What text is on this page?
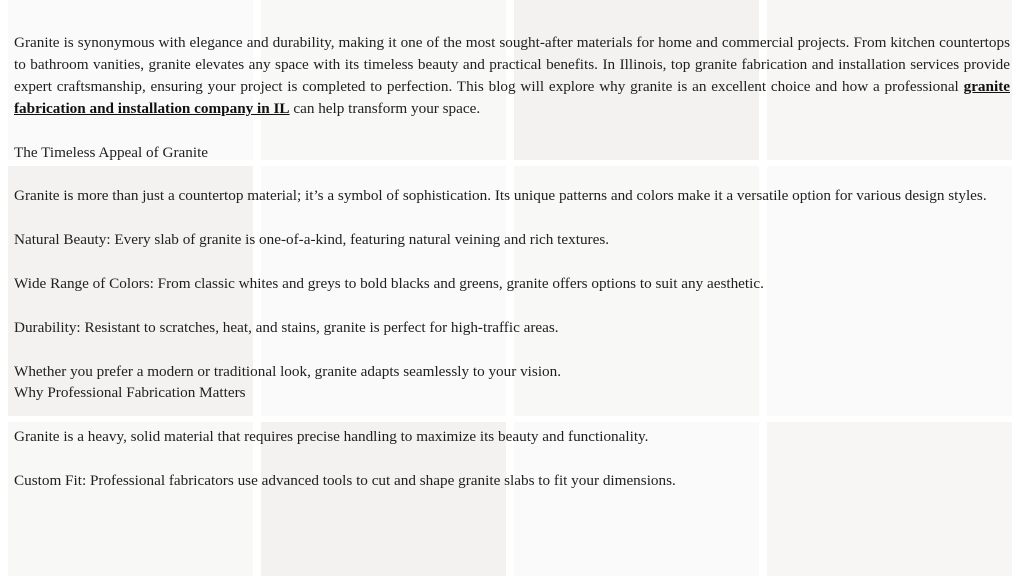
Granite is synonymous with elegance and durability, making it one of the most sought-after materials for home and commercial projects. From kitchen countertops to bathroom vanities, granite elevates any space with its timeless beauty and practical benefits. In Illinois, top granite fabrication and installation services provide expert craftsmanship, ensuring your project is completed to perfection. This blog will explore why granite is an excellent choice and how a professional granite fabrication and installation company in IL can help transform your space.

The Timeless Appeal of Granite

Granite is more than just a countertop material; it’s a symbol of sophistication. Its unique patterns and colors make it a versatile option for various design styles.

Natural Beauty: Every slab of granite is one-of-a-kind, featuring natural veining and rich textures.

Wide Range of Colors: From classic whites and greys to bold blacks and greens, granite offers options to suit any aesthetic.

Durability: Resistant to scratches, heat, and stains, granite is perfect for high-traffic areas.

Whether you prefer a modern or traditional look, granite adapts seamlessly to your vision.

Why Professional Fabrication Matters

Granite is a heavy, solid material that requires precise handling to maximize its beauty and functionality.

Custom Fit: Professional fabricators use advanced tools to cut and shape granite slabs to fit your dimensions.
